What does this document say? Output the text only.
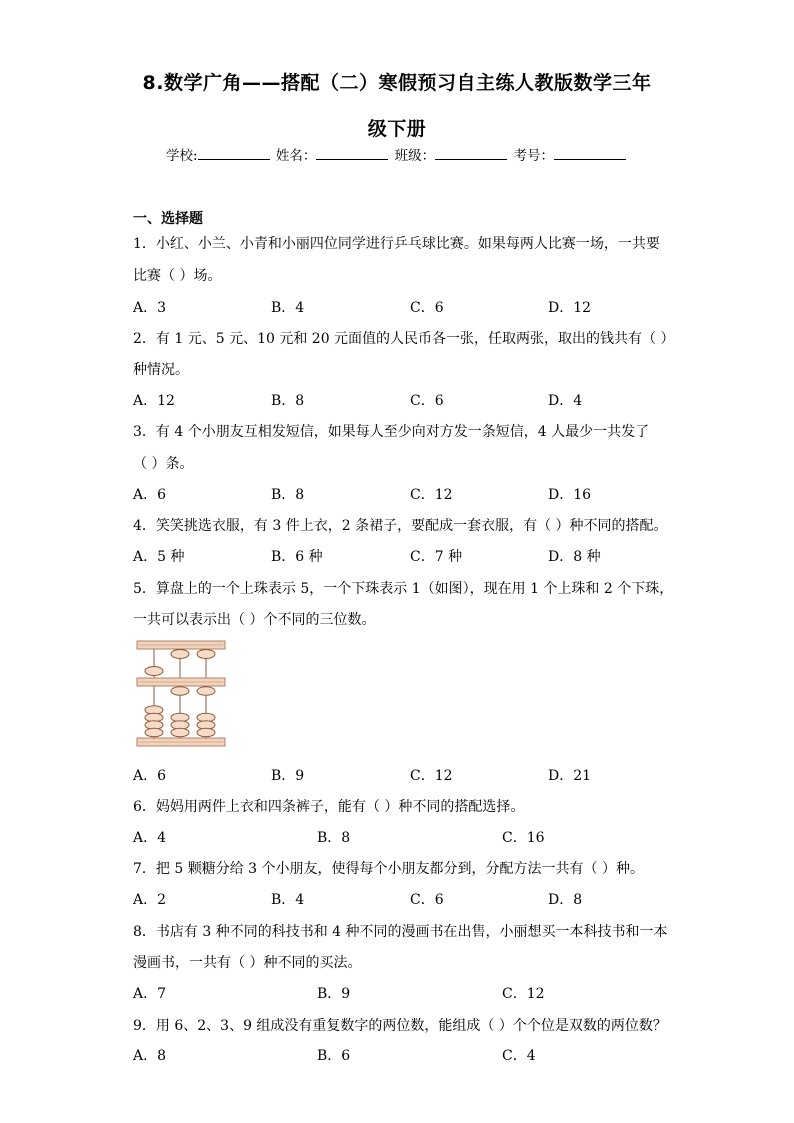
8.数学广角——搭配（二）寒假预习自主练人教版数学三年
级下册
学校:	姓名：	班级：	考号：
一、选择题
1．小红、小兰、小青和小丽四位同学进行乒乓球比赛。如果每两人比赛一场，一共要
比赛（ ）场。
A．3	B．4	C．6	D．12
2．有 1 元、5 元、10 元和 20 元面值的人民币各一张，任取两张，取出的钱共有（ ）
种情况。
A．12	B．8	C．6	D．4
3．有 4 个小朋友互相发短信，如果每人至少向对方发一条短信，4 人最少一共发了
（ ）条。
A．6	B．8	C．12	D．16
4．笑笑挑选衣服，有 3 件上衣，2 条裙子，要配成一套衣服，有（ ）种不同的搭配。
A．5 种	B．6 种	C．7 种	D．8 种
5．算盘上的一个上珠表示 5，一个下珠表示 1（如图），现在用 1 个上珠和 2 个下珠，
一共可以表示出（ ）个不同的三位数。
A．6	B．9	C．12	D．21
6．妈妈用两件上衣和四条裤子，能有（ ）种不同的搭配选择。
A．4	B．8	C．16
7．把 5 颗糖分给 3 个小朋友，使得每个小朋友都分到，分配方法一共有（ ）种。
A．2	B．4	C．6	D．8
8．书店有 3 种不同的科技书和 4 种不同的漫画书在出售，小丽想买一本科技书和一本
漫画书，一共有（ ）种不同的买法。
A．7	B．9	C．12
9．用 6、2、3、9 组成没有重复数字的两位数，能组成（ ）个个位是双数的两位数？
A．8	B．6	C．4
